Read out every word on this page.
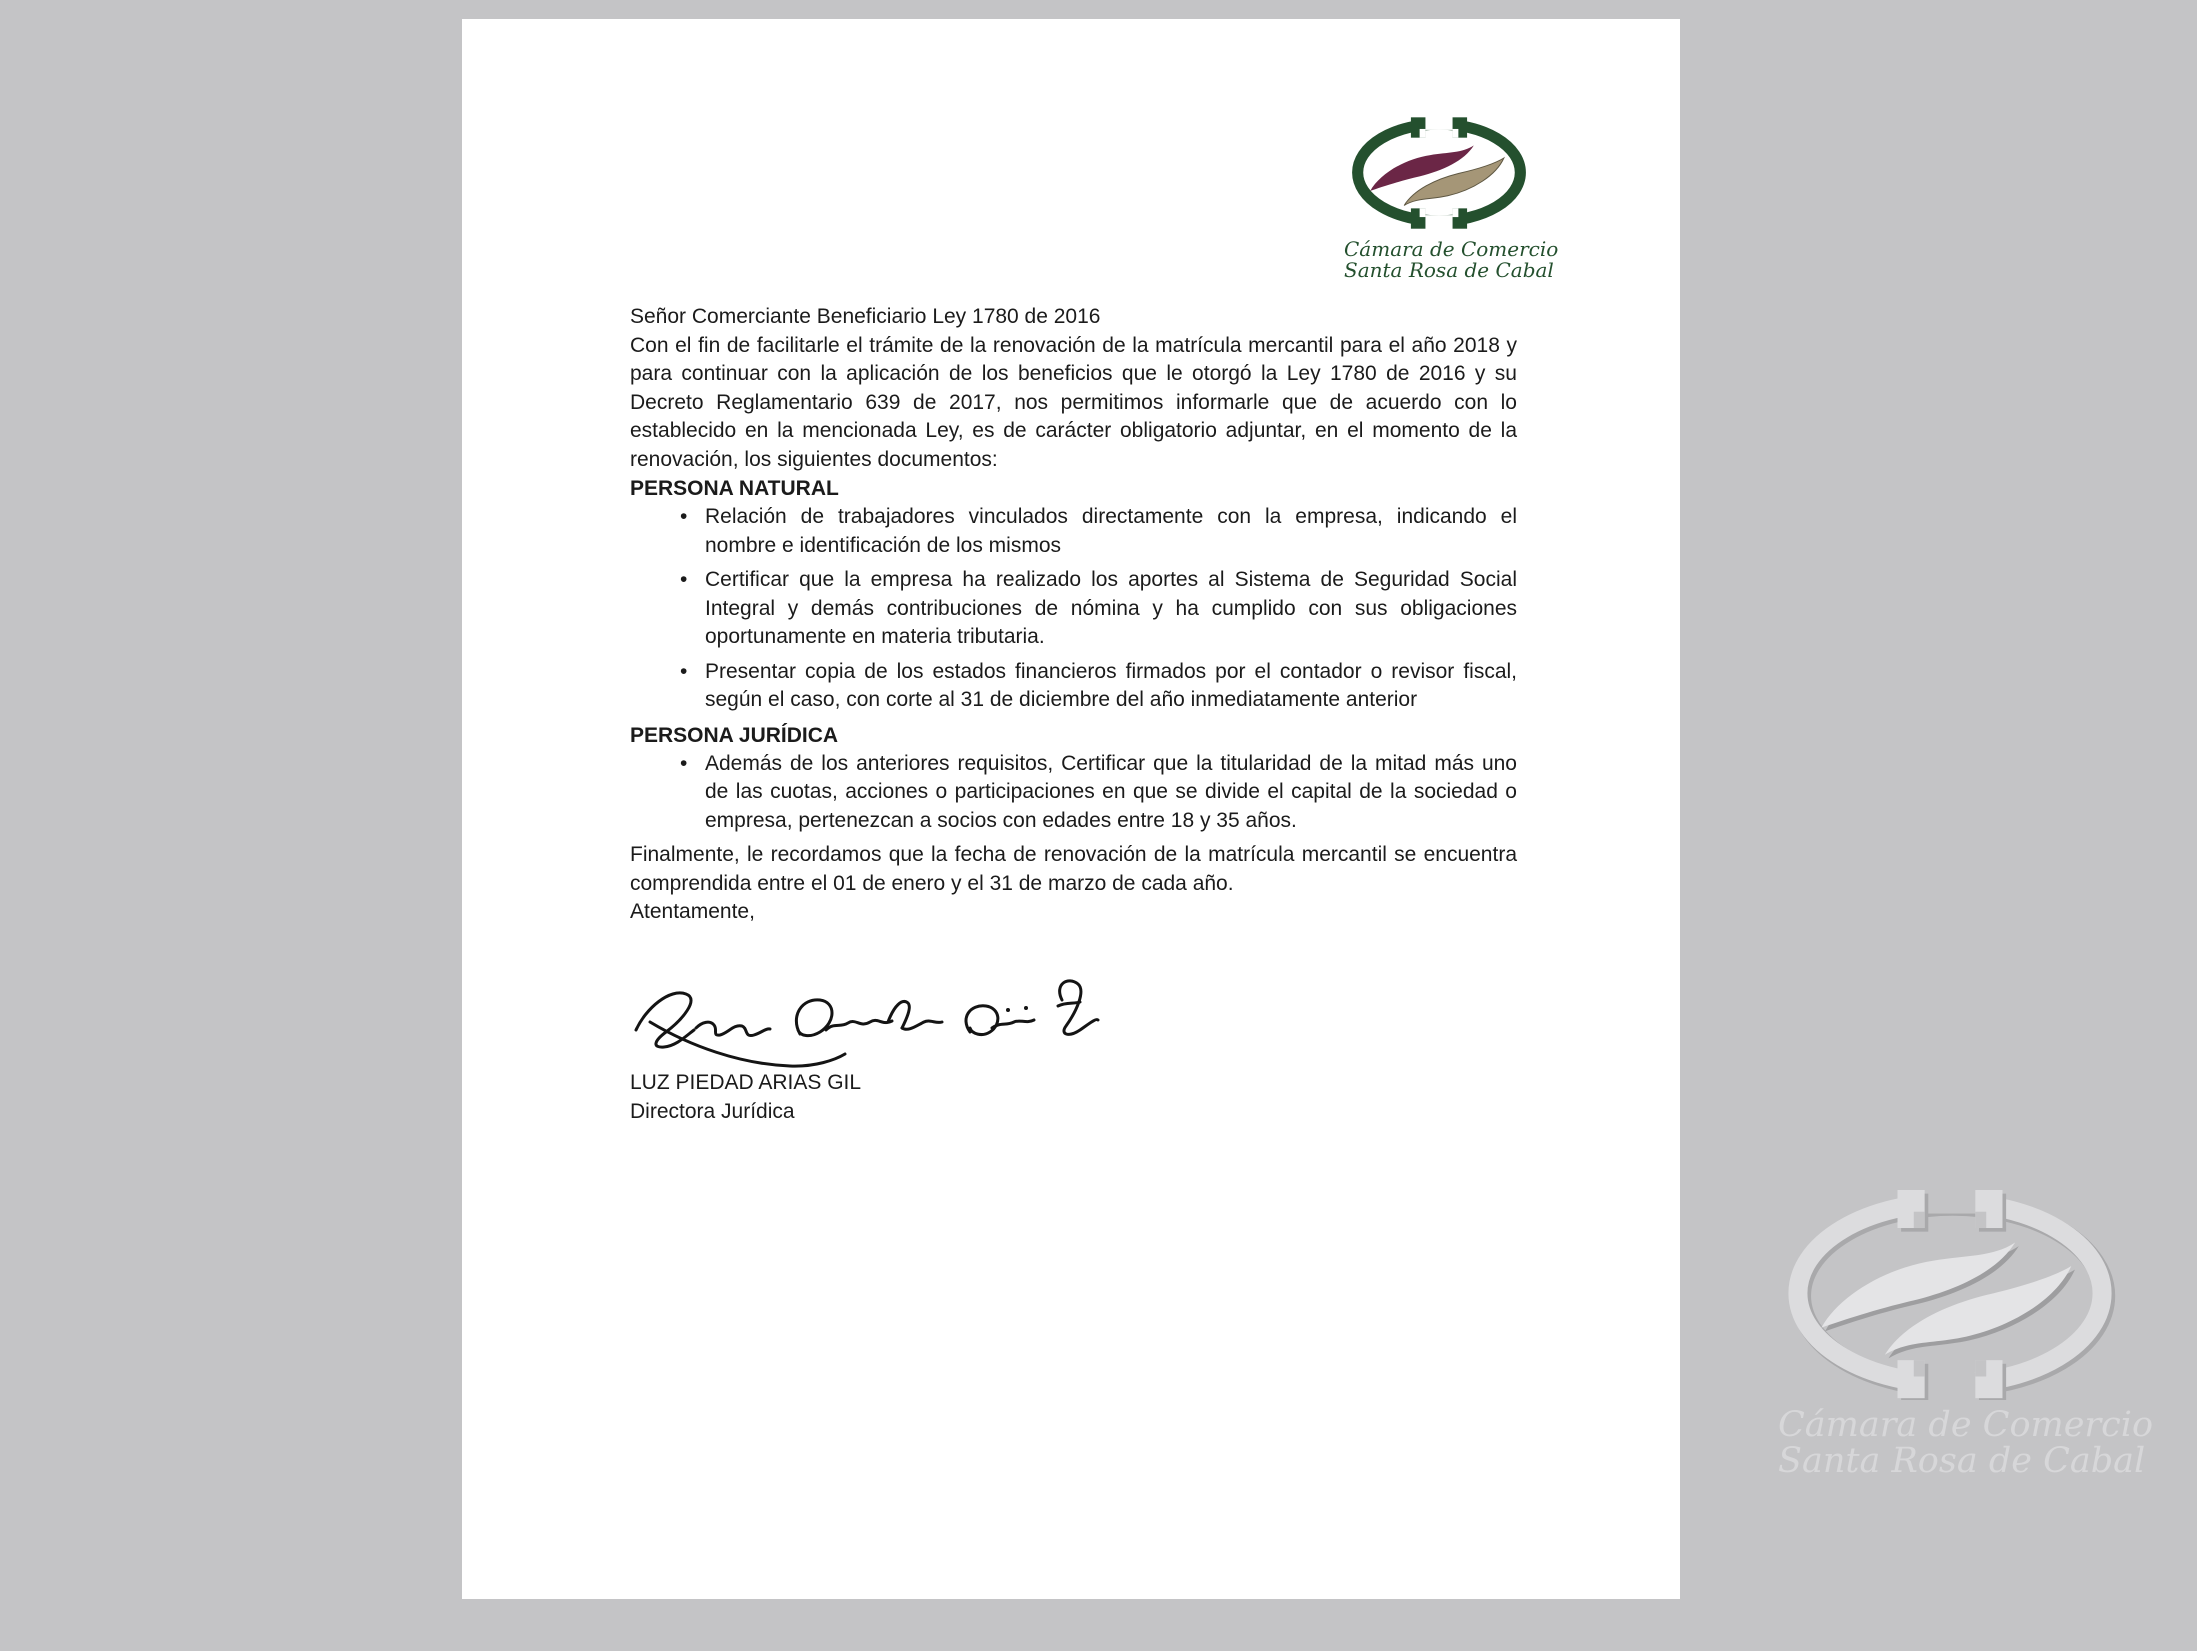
Cámara de Comercio
Santa Rosa de Cabal

Señor Comerciante Beneficiario Ley 1780 de 2016

Con el fin de facilitarle el trámite de la renovación de la matrícula mercantil para el año 2018 y para continuar con la aplicación de los beneficios que le otorgó la Ley 1780 de 2016 y su Decreto Reglamentario 639 de 2017, nos permitimos informarle que de acuerdo con lo establecido en la mencionada Ley, es de carácter obligatorio adjuntar, en el momento de la renovación, los siguientes documentos:

PERSONA NATURAL
• Relación de trabajadores vinculados directamente con la empresa, indicando el nombre e identificación de los mismos
• Certificar que la empresa ha realizado los aportes al Sistema de Seguridad Social Integral y demás contribuciones de nómina y ha cumplido con sus obligaciones oportunamente en materia tributaria.
• Presentar copia de los estados financieros firmados por el contador o revisor fiscal, según el caso, con corte al 31 de diciembre del año inmediatamente anterior
PERSONA JURÍDICA
• Además de los anteriores requisitos, Certificar que la titularidad de la mitad más uno de las cuotas, acciones o participaciones en que se divide el capital de la sociedad o empresa, pertenezcan a socios con edades entre 18 y 35 años.

Finalmente, le recordamos que la fecha de renovación de la matrícula mercantil se encuentra comprendida entre el 01 de enero y el 31 de marzo de cada año.

Atentamente,

LUZ PIEDAD ARIAS GIL

Directora Jurídica

Cámara de Comercio
Santa Rosa de Cabal
